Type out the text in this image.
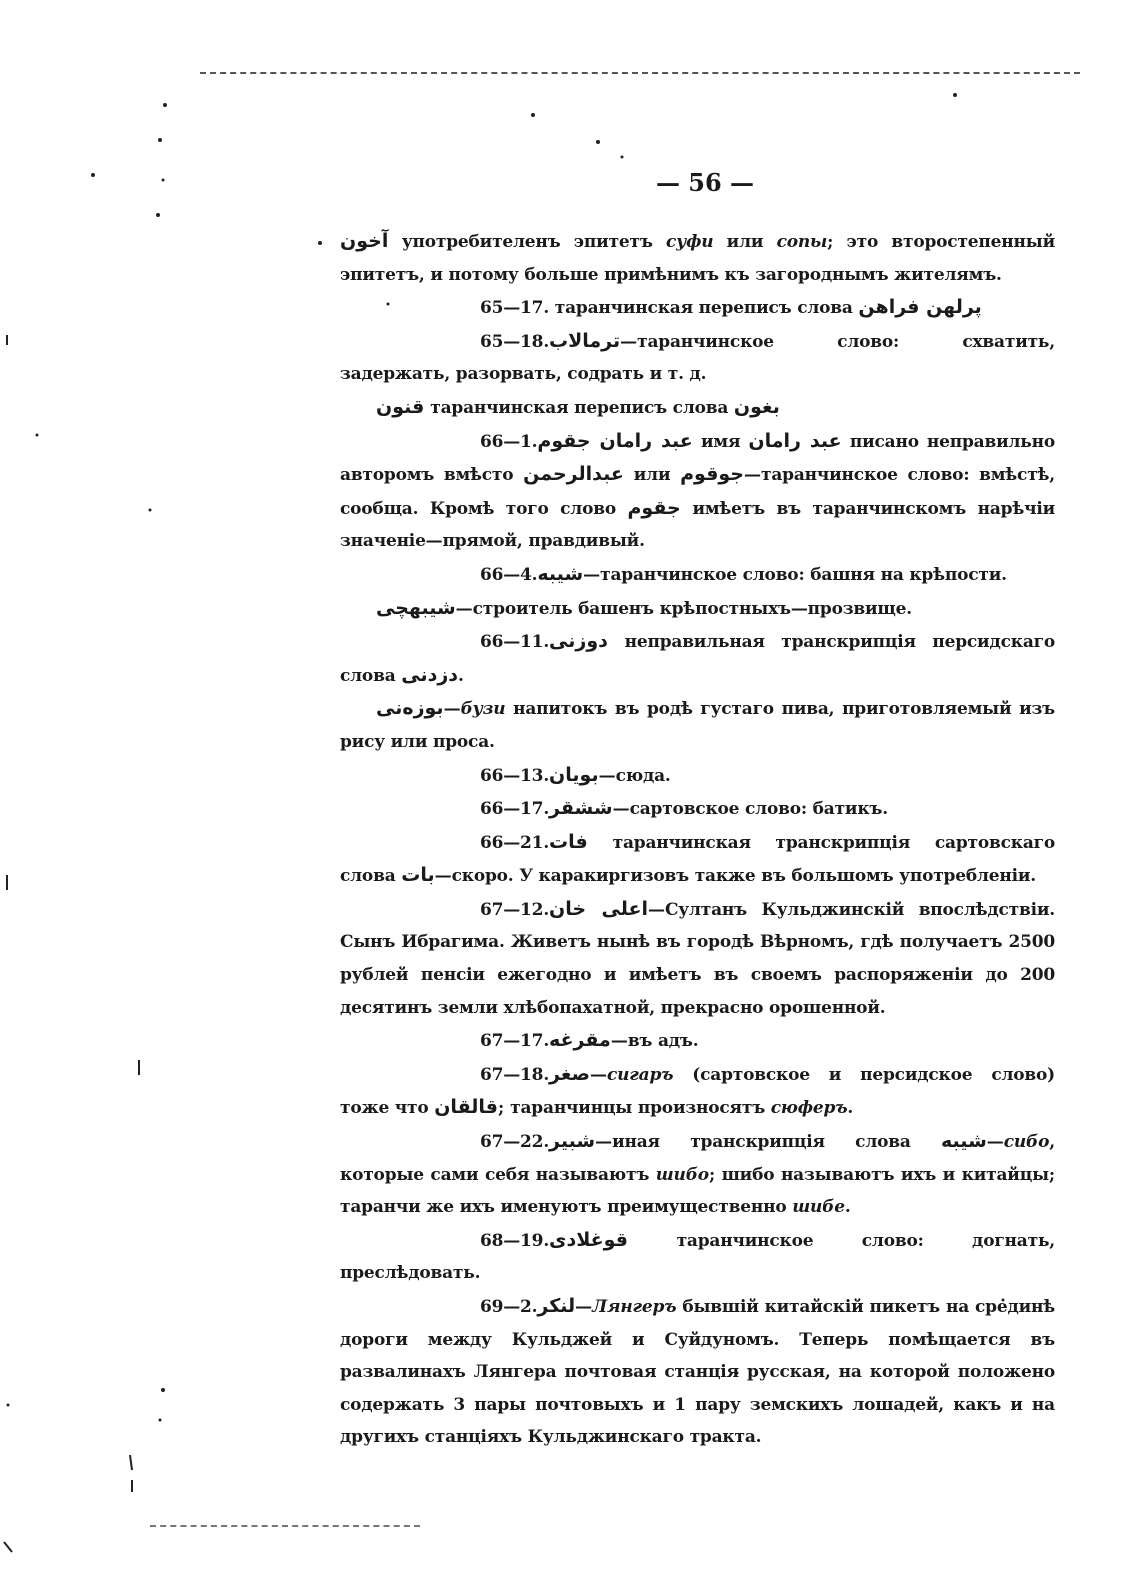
— 56 —

آخون употребителенъ эпитетъ суфи или сопы; это второстепенный эпитетъ, и потому больше примѣнимъ къ загороднымъ жителямъ.

65—17. таранчинская переписъ слова پرلهن فراهن

65—18.ترمالاب—таранчинское слово: схватить, задержать, разорвать, содрать и т. д.

قنون таранчинская переписъ слова بغون

66—1.عبد رامان جقوم имя عبد رامان писано неправильно авторомъ вмѣсто عبدالرحمن или جوقوم—таранчинское слово: вмѣстѣ, сообща. Кромѣ того слово جقوم имѣетъ въ таранчинскомъ нарѣчіи значеніе—прямой, правдивый.

66—4.شيبه—таранчинское слово: башня на крѣпости.

شيبهچى—строитель башенъ крѣпостныхъ—прозвище.

66—11.دوزنى неправильная транскрипція персидскаго слова دزدنى.

بوزەنى—бузи напитокъ въ родѣ густаго пива, приготовляемый изъ рису или проса.

66—13.بويان—сюда.

66—17.ششقر—сартовское слово: батикъ.

66—21.فات таранчинская транскрипція сартовскаго слова بات—скоро. У каракиргизовъ также въ большомъ употребленіи.

67—12.اعلى خان—Султанъ Кульджинскій впослѣдствіи. Сынъ Ибрагима. Живетъ нынѣ въ городѣ Вѣрномъ, гдѣ получаетъ 2500 рублей пенсіи ежегодно и имѣетъ въ своемъ распоряженіи до 200 десятинъ земли хлѣбопахатной, прекрасно орошенной.

67—17.مقرغه—въ адъ.

67—18.صغر—сигаръ (сартовское и персидское слово) тоже что قالقان; таранчинцы произносятъ сюферъ.

67—22.شبير—иная транскрипція слова شيبه—сибо, которые сами себя называютъ шибо; шибо называютъ ихъ и китайцы; таранчи же ихъ именуютъ преимущественно шибе.

68—19.قوغلادى таранчинское слово: догнать, преслѣдовать.

69—2.لنكر—Лянгеръ бывшій китайскій пикетъ на срединѣ дороги между Кульджей и Суйдуномъ. Теперь помѣщается въ развалинахъ Лянгера почтовая станція русская, на которой положено содержать 3 пары почтовыхъ и 1 пару земскихъ лошадей, какъ и на другихъ станціяхъ Кульджинскаго тракта.
